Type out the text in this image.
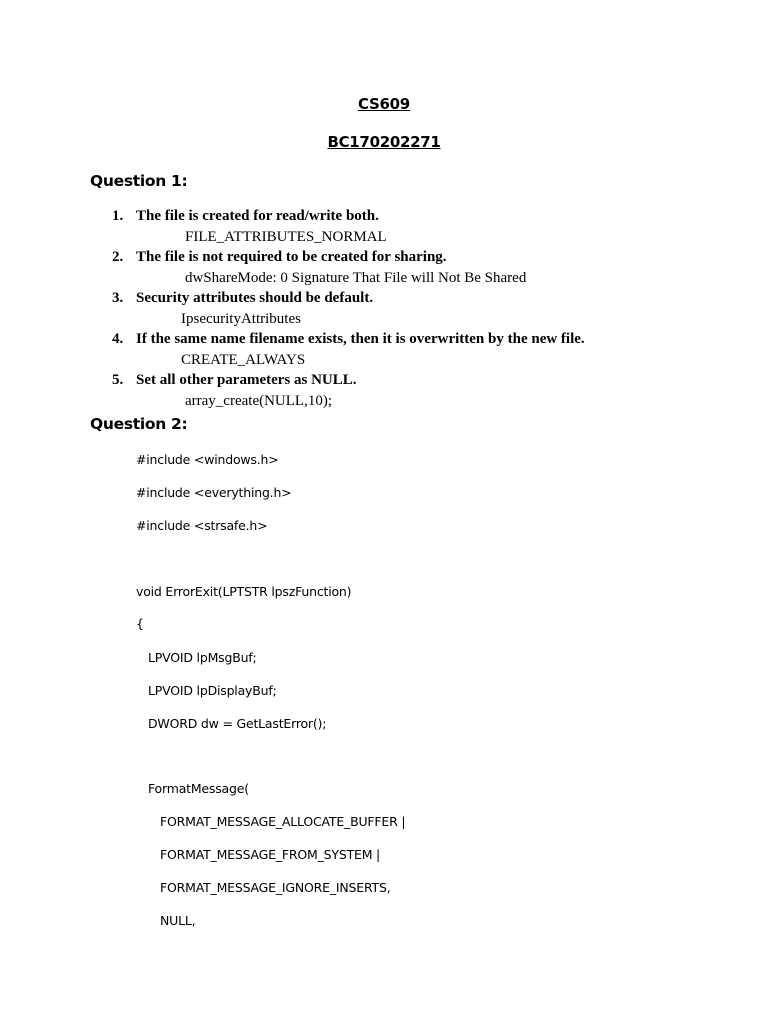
CS609
BC170202271
Question 1:
1. The file is created for read/write both.
FILE_ATTRIBUTES_NORMAL
2. The file is not required to be created for sharing.
dwShareMode: 0 Signature That File will Not Be Shared
3. Security attributes should be default.
IpsecurityAttributes
4. If the same name filename exists, then it is overwritten by the new file.
CREATE_ALWAYS
5. Set all other parameters as NULL.
array_create(NULL,10);
Question 2:
#include <windows.h>
#include <everything.h>
#include <strsafe.h>
void ErrorExit(LPTSTR lpszFunction)
{
LPVOID lpMsgBuf;
LPVOID lpDisplayBuf;
DWORD dw = GetLastError();
FormatMessage(
FORMAT_MESSAGE_ALLOCATE_BUFFER |
FORMAT_MESSAGE_FROM_SYSTEM |
FORMAT_MESSAGE_IGNORE_INSERTS,
NULL,
